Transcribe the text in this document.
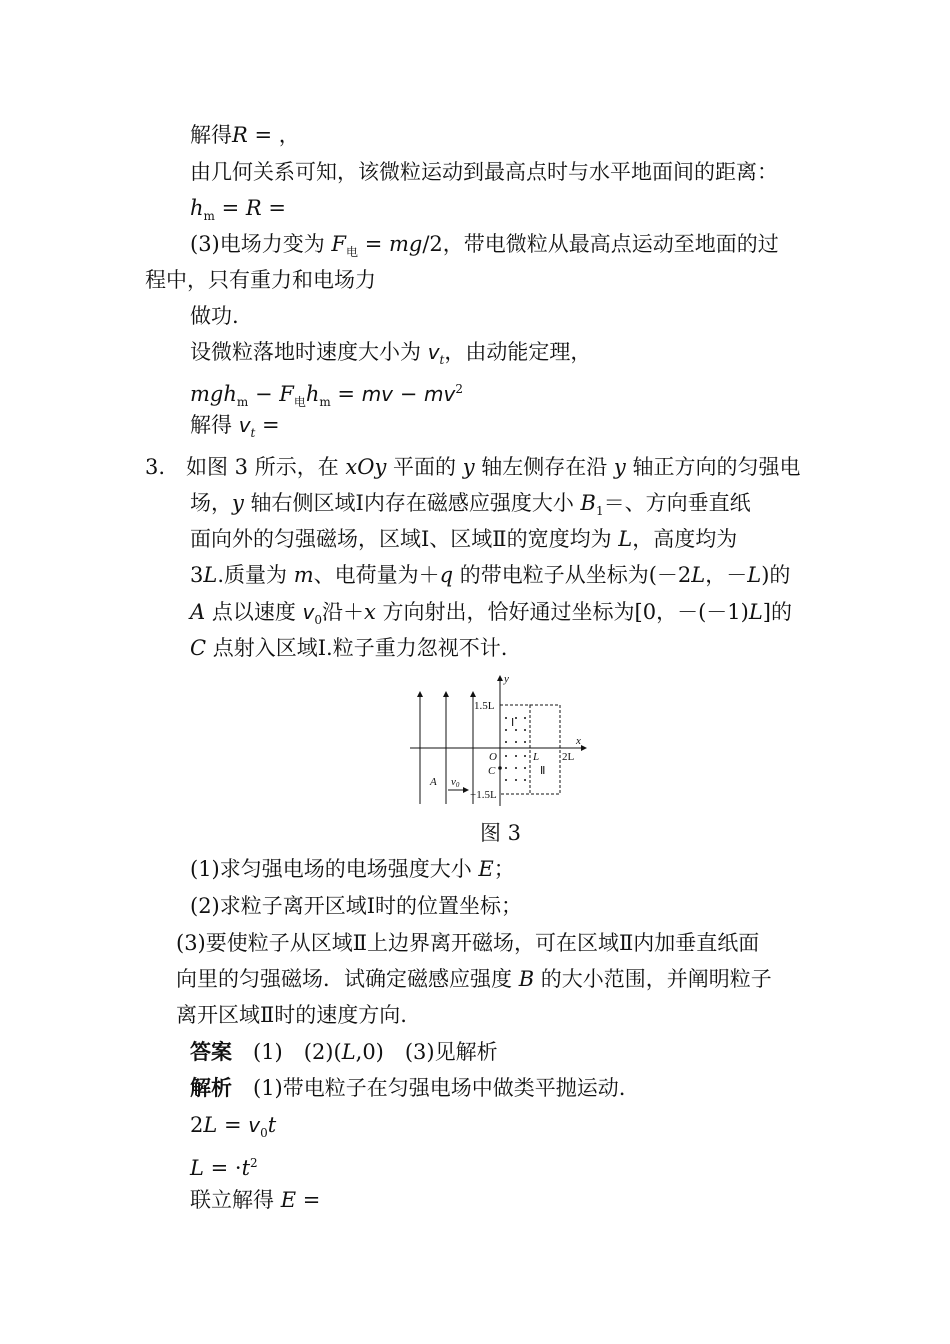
解得R = ，
由几何关系可知，该微粒运动到最高点时与水平地面间的距离：
$h_m = R$ =
(3)电场力变为 $F_电 = mg/2$，带电微粒从最高点运动至地面的过
程中，只有重力和电场力
做功.
设微粒落地时速度大小为 $v_t$，由动能定理，
$mgh_m - F_电h_m$ = mv − $mv^2$
解得 $v_t$ =
3. 如图 3 所示，在 xOy 平面的 y 轴左侧存在沿 y 轴正方向的匀强电
场，y 轴右侧区域Ⅰ内存在磁感应强度大小 $B_1=$、方向垂直纸
面向外的匀强磁场，区域Ⅰ、区域Ⅱ的宽度均为 L，高度均为
3L.质量为 m、电荷量为＋q 的带电粒子从坐标为(－2L，－L)的
A 点以速度 $v_0$沿＋x 方向射出，恰好通过坐标为[0，－(－1)L]的
C 点射入区域Ⅰ.粒子重力忽视不计.
y
x
1.5L
−1.5L
O	L 2L
C
A v0
Ⅰ
Ⅱ
图 3
(1)求匀强电场的电场强度大小 E；
(2)求粒子离开区域Ⅰ时的位置坐标；
(3)要使粒子从区域Ⅱ上边界离开磁场，可在区域Ⅱ内加垂直纸面
向里的匀强磁场．试确定磁感应强度 B 的大小范围，并阐明粒子
离开区域Ⅱ时的速度方向.
答案　(1)　(2)(L,0)　(3)见解析
解析　(1)带电粒子在匀强电场中做类平抛运动.
$2L = v_0t$
$L = \cdot t^2$
联立解得 E =
